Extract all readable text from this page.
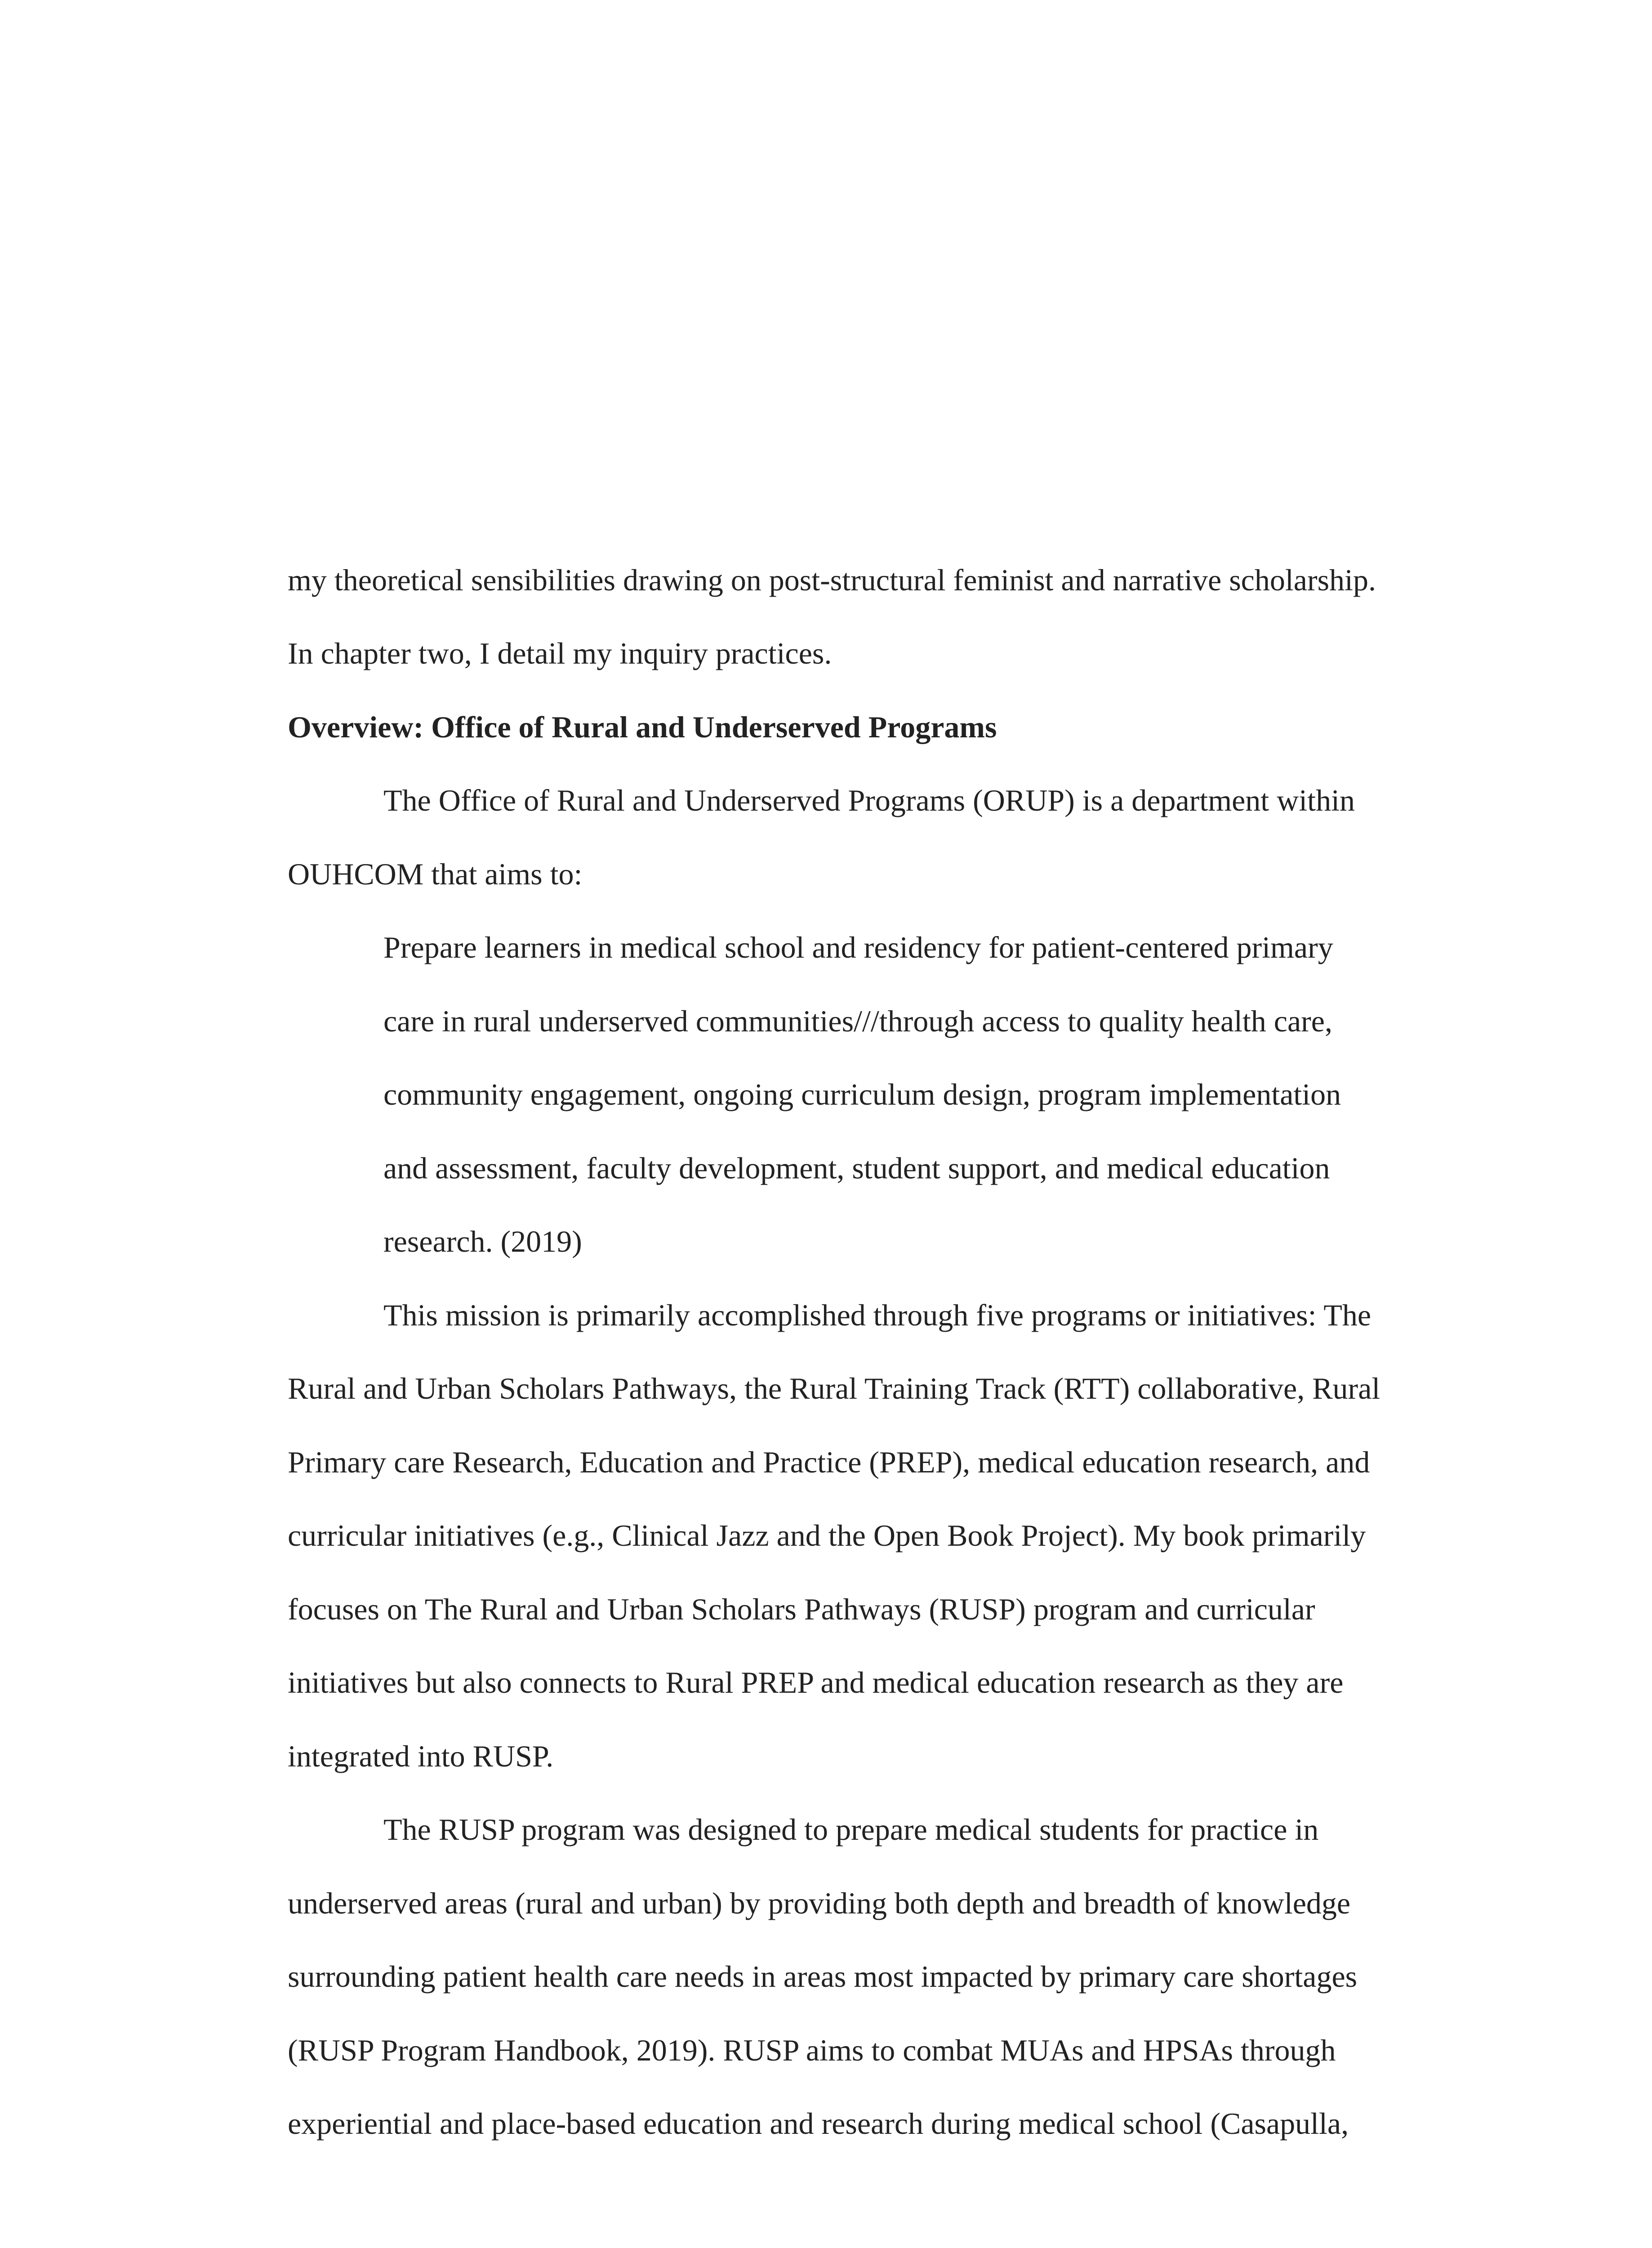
my theoretical sensibilities drawing on post-structural feminist and narrative scholarship.
In chapter two, I detail my inquiry practices.
Overview: Office of Rural and Underserved Programs
The Office of Rural and Underserved Programs (ORUP) is a department within
OUHCOM that aims to:
Prepare learners in medical school and residency for patient-centered primary
care in rural underserved communities///through access to quality health care,
community engagement, ongoing curriculum design, program implementation
and assessment, faculty development, student support, and medical education
research. (2019)
This mission is primarily accomplished through five programs or initiatives: The
Rural and Urban Scholars Pathways, the Rural Training Track (RTT) collaborative, Rural
Primary care Research, Education and Practice (PREP), medical education research, and
curricular initiatives (e.g., Clinical Jazz and the Open Book Project). My book primarily
focuses on The Rural and Urban Scholars Pathways (RUSP) program and curricular
initiatives but also connects to Rural PREP and medical education research as they are
integrated into RUSP.
The RUSP program was designed to prepare medical students for practice in
underserved areas (rural and urban) by providing both depth and breadth of knowledge
surrounding patient health care needs in areas most impacted by primary care shortages
(RUSP Program Handbook, 2019). RUSP aims to combat MUAs and HPSAs through
experiential and place-based education and research during medical school (Casapulla,
